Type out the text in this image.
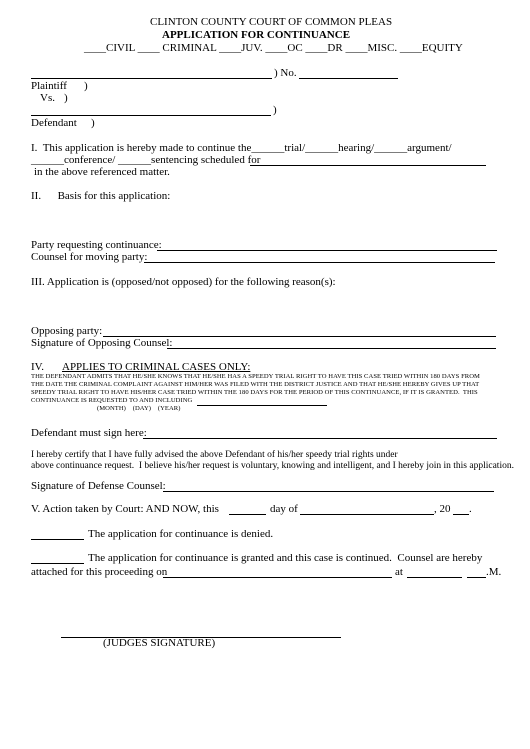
CLINTON COUNTY COURT OF COMMON PLEAS
APPLICATION FOR CONTINUANCE
____CIVIL ____ CRIMINAL ____JUV. ____OC ____DR ____MISC. ____EQUITY
) No.
Plaintiff )
Vs. )
)
Defendant )
I.  This application is hereby made to continue the______trial/______hearing/______argument/
______conference/ ______sentencing scheduled for
in the above referenced matter.
II.      Basis for this application:
Party requesting continuance:
Counsel for moving party:
III. Application is (opposed/not opposed) for the following reason(s):
Opposing party:
Signature of Opposing Counsel:
IV. APPLIES TO CRIMINAL CASES ONLY:
THE DEFENDANT ADMITS THAT HE/SHE KNOWS THAT HE/SHE HAS A SPEEDY TRIAL RIGHT TO HAVE THIS CASE TRIED WITHIN 180 DAYS FROM
THE DATE THE CRIMINAL COMPLAINT AGAINST HIM/HER WAS FILED WITH THE DISTRICT JUSTICE AND THAT HE/SHE HEREBY GIVES UP THAT
SPEEDY TRIAL RIGHT TO HAVE HIS/HER CASE TRIED WITHIN THE 180 DAYS FOR THE PERIOD OF THIS CONTINUANCE, IF IT IS GRANTED.  THIS
CONTINUANCE IS REQUESTED TO AND INCLUDING
(MONTH)    (DAY)    (YEAR)
Defendant must sign here:
I hereby certify that I have fully advised the above Defendant of his/her speedy trial rights under
above continuance request.  I believe his/her request is voluntary, knowing and intelligent, and I hereby join in this application.
Signature of Defense Counsel:
V. Action taken by Court: AND NOW, this	day of	, 20 .
The application for continuance is denied.
The application for continuance is granted and this case is continued.  Counsel are hereby
attached for this proceeding on	at	.M.
(JUDGES SIGNATURE)
